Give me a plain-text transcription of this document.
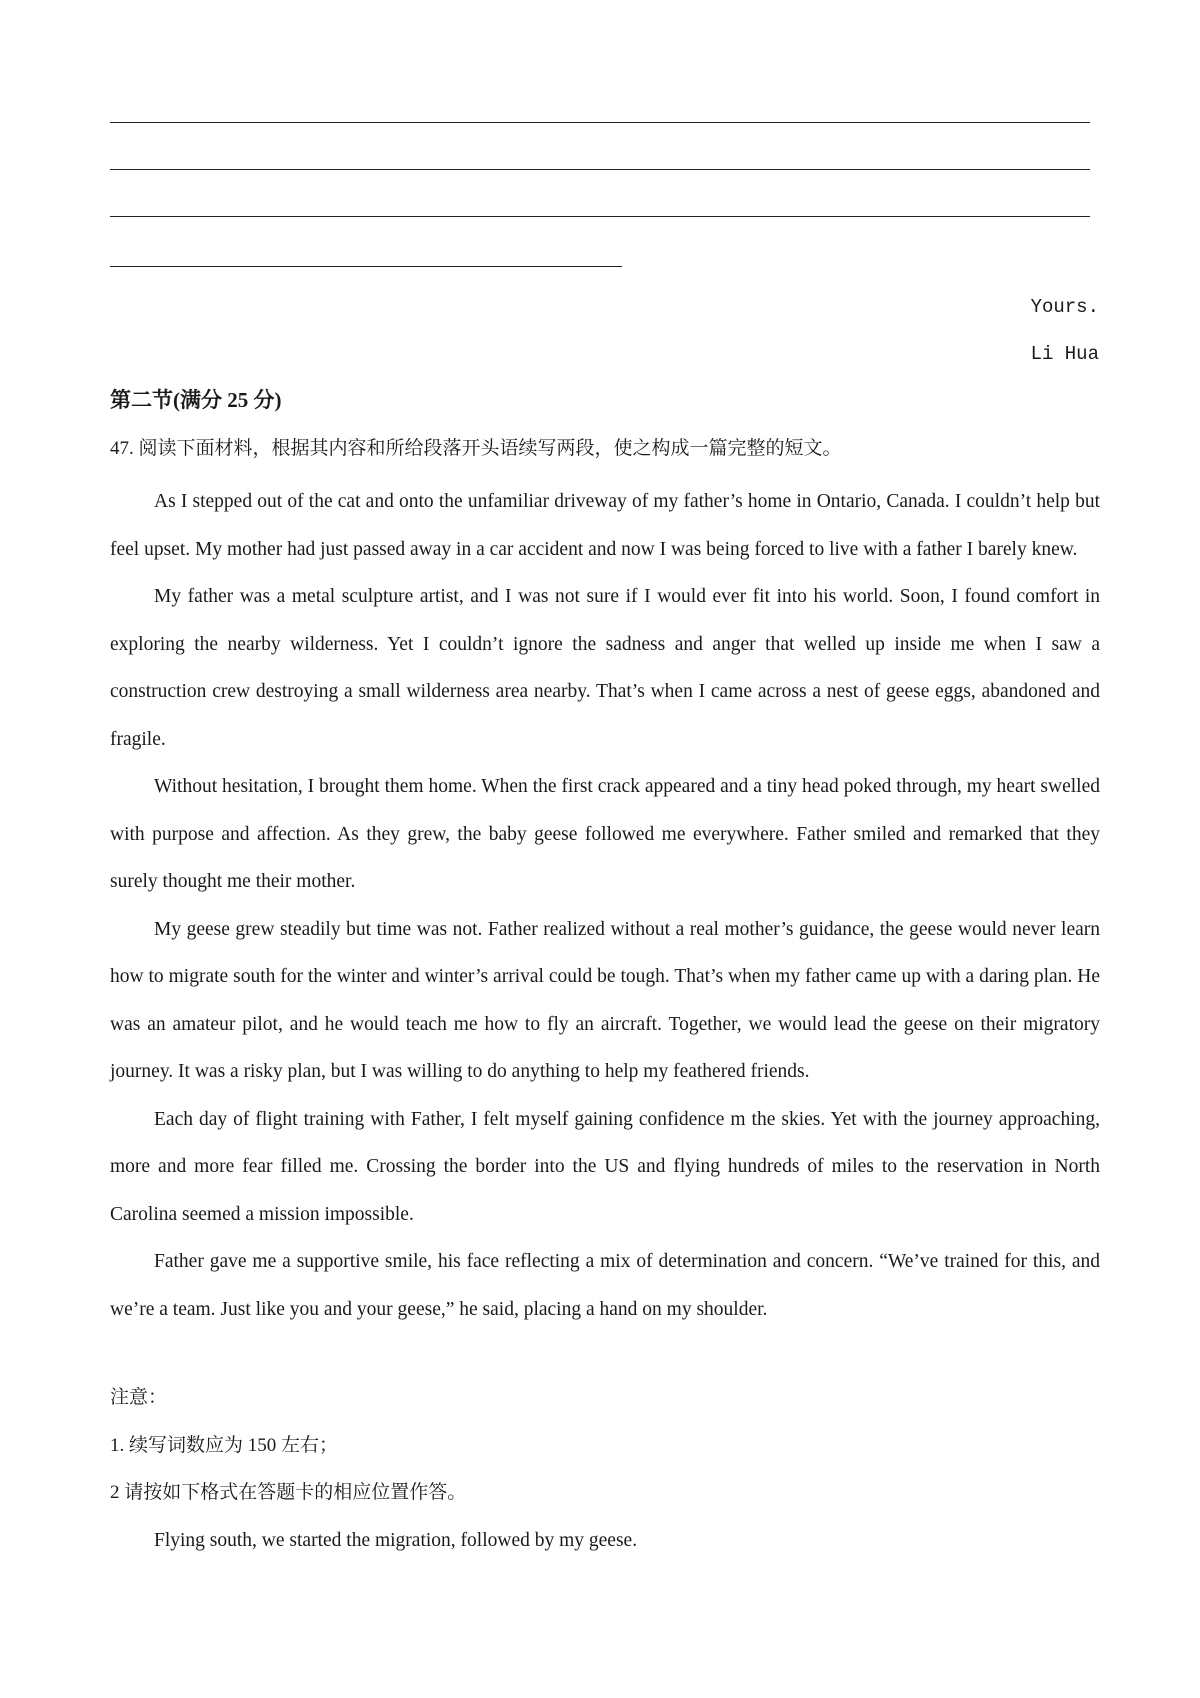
Yours.
Li Hua
第二节(满分 25 分)
47. 阅读下面材料，根据其内容和所给段落开头语续写两段，使之构成一篇完整的短文。

As I stepped out of the cat and onto the unfamiliar driveway of my father’s home in Ontario, Canada. I couldn’t help but feel upset. My mother had just passed away in a car accident and now I was being forced to live with a father I barely knew.

My father was a metal sculpture artist, and I was not sure if I would ever fit into his world. Soon, I found comfort in exploring the nearby wilderness. Yet I couldn’t ignore the sadness and anger that welled up inside me when I saw a construction crew destroying a small wilderness area nearby. That’s when I came across a nest of geese eggs, abandoned and fragile.

Without hesitation, I brought them home. When the first crack appeared and a tiny head poked through, my heart swelled with purpose and affection. As they grew, the baby geese followed me everywhere. Father smiled and remarked that they surely thought me their mother.

My geese grew steadily but time was not. Father realized without a real mother’s guidance, the geese would never learn how to migrate south for the winter and winter’s arrival could be tough. That’s when my father came up with a daring plan. He was an amateur pilot, and he would teach me how to fly an aircraft. Together, we would lead the geese on their migratory journey. It was a risky plan, but I was willing to do anything to help my feathered friends.

Each day of flight training with Father, I felt myself gaining confidence m the skies. Yet with the journey approaching, more and more fear filled me. Crossing the border into the US and flying hundreds of miles to the reservation in North Carolina seemed a mission impossible.

Father gave me a supportive smile, his face reflecting a mix of determination and concern. “We’ve trained for this, and we’re a team. Just like you and your geese,” he said, placing a hand on my shoulder.

注意：
1. 续写词数应为 150 左右；
2 请按如下格式在答题卡的相应位置作答。
Flying south, we started the migration, followed by my geese.
